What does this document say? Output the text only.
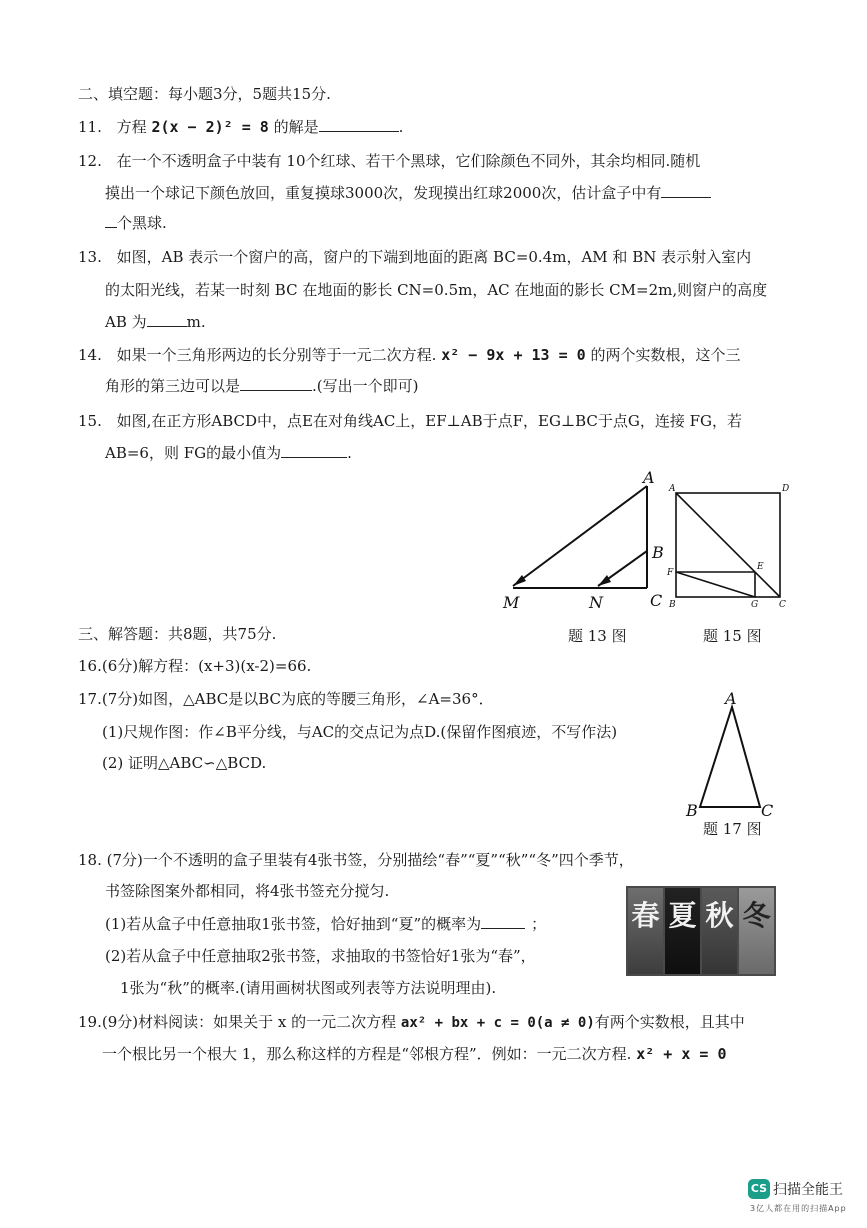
二、填空题：每小题3分，5题共15分.
11. 方程 2(x − 2)² = 8 的解是	.
12. 在一个不透明盒子中装有 10个红球、若干个黑球，它们除颜色不同外，其余均相同.随机
摸出一个球记下颜色放回，重复摸球3000次，发现摸出红球2000次，估计盒子中有
个黑球.
13. 如图，AB 表示一个窗户的高，窗户的下端到地面的距离 BC=0.4m，AM 和 BN 表示射入室内
的太阳光线，若某一时刻 BC 在地面的影长 CN=0.5m，AC 在地面的影长 CM=2m,则窗户的高度
AB 为	m.
14. 如果一个三角形两边的长分别等于一元二次方程. x² − 9x + 13 = 0 的两个实数根，这个三
角形的第三边可以是	.(写出一个即可)
15. 如图,在正方形ABCD中，点E在对角线AC上，EF⊥AB于点F，EG⊥BC于点G，连接 FG，若
AB=6，则 FG的最小值为	.
A
B
C
M	N
A	D
F
E
B	G C
三、解答题：共8题，共75分.	题 13 图	题 15 图
16.(6分)解方程：(x+3)(x-2)=66.
17.(7分)如图，△ABC是以BC为底的等腰三角形，∠A=36°．
(1)尺规作图：作∠B平分线，与AC的交点记为点D.(保留作图痕迹，不写作法)
(2) 证明△ABC∽△BCD.
A
B	C
题 17 图
18. (7分)一个不透明的盒子里装有4张书签，分别描绘“春”“夏”“秋”“冬”四个季节，
书签除图案外都相同，将4张书签充分搅匀.
(1)若从盒子中任意抽取1张书签，恰好抽到“夏”的概率为	；
(2)若从盒子中任意抽取2张书签，求抽取的书签恰好1张为“春”，
1张为“秋”的概率.(请用画树状图或列表等方法说明理由).
春 夏 秋 冬
19.(9分)材料阅读：如果关于 x 的一元二次方程 ax² + bx + c = 0(a ≠ 0)有两个实数根，且其中
一个根比另一个根大 1，那么称这样的方程是“邻根方程”．例如：一元二次方程. x² + x = 0
CS 扫描全能王
3亿人都在用的扫描App
